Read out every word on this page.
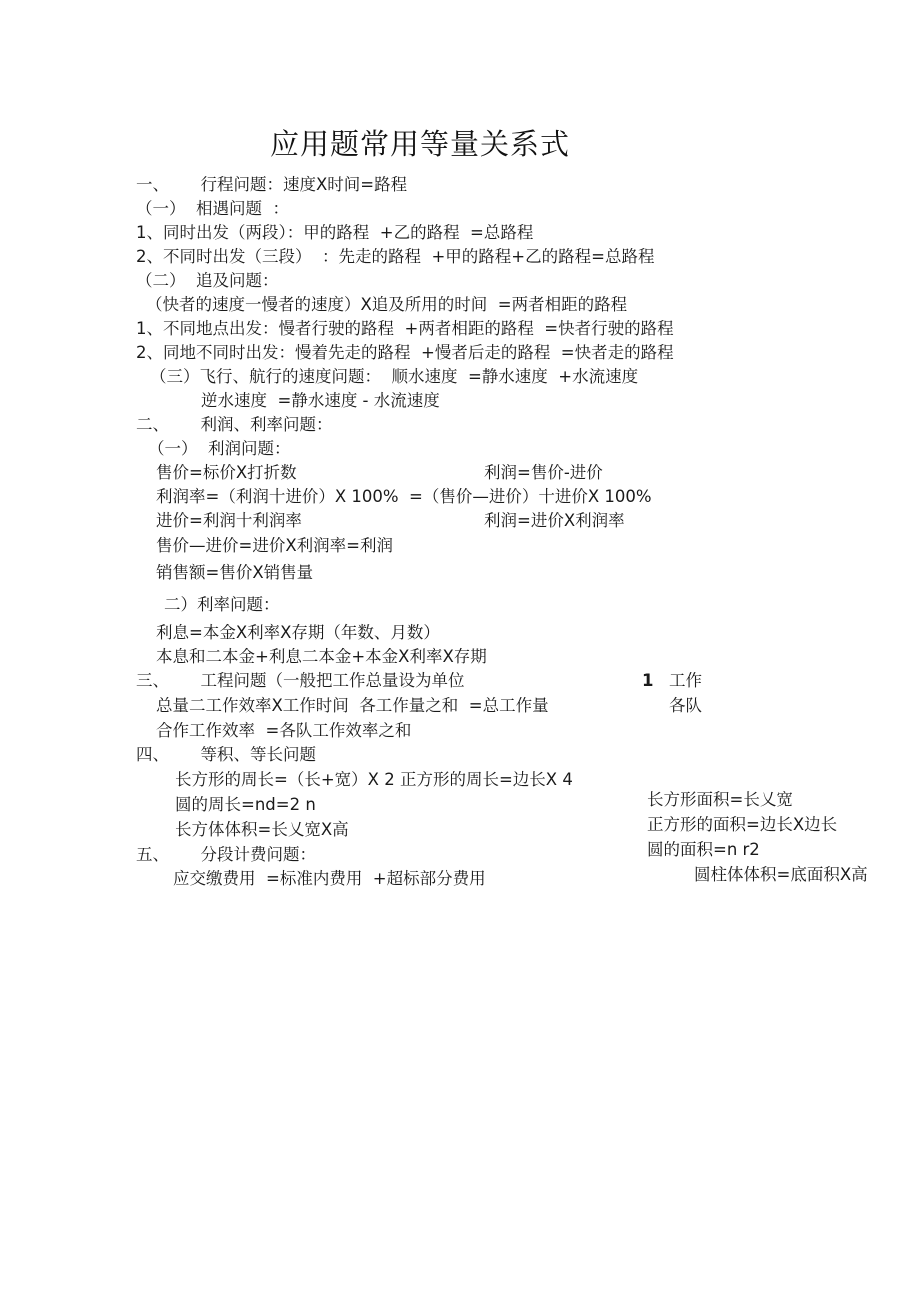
应用题常用等量关系式
一、      行程问题：速度X时间=路程
（一）  相遇问题  ：
1、同时出发（两段）：甲的路程  +乙的路程  =总路程
2、不同时出发（三段）  ：先走的路程  +甲的路程+乙的路程=总路程
（二）  追及问题：
（快者的速度一慢者的速度）X追及所用的时间  =两者相距的路程
1、不同地点出发：慢者行驶的路程  +两者相距的路程  =快者行驶的路程
2、同地不同时出发：慢着先走的路程  +慢者后走的路程  =快者走的路程
（三）飞行、航行的速度问题：  顺水速度  =静水速度  +水流速度
逆水速度  =静水速度 - 水流速度
二、      利润、利率问题：
（一）  利润问题：
售价=标价X打折数	利润=售价-进价
利润率=（利润十进价）X 100%  =（售价—进价）十进价X 100%
进价=利润十利润率	利润=进价X利润率
售价—进价=进价X利润率=利润
销售额=售价X销售量
二）利率问题：
利息=本金X利率X存期（年数、月数）
本息和二本金+利息二本金+本金X利率X存期
三、      工程问题（一般把工作总量设为单位	1 工作
总量二工作效率X工作时间  各工作量之和  =总工作量	各队
合作工作效率  =各队工作效率之和
四、      等积、等长问题
长方形的周长=（长+宽）X 2 正方形的周长=边长X 4
长方形面积=长乂宽
圆的周长=nd=2 n
正方形的面积=边长X边长
长方体体积=长乂宽X高
五、      分段计费问题：	圆的面积=n r2
应交缴费用  =标准内费用  +超标部分费用	圆柱体体积=底面积X高
